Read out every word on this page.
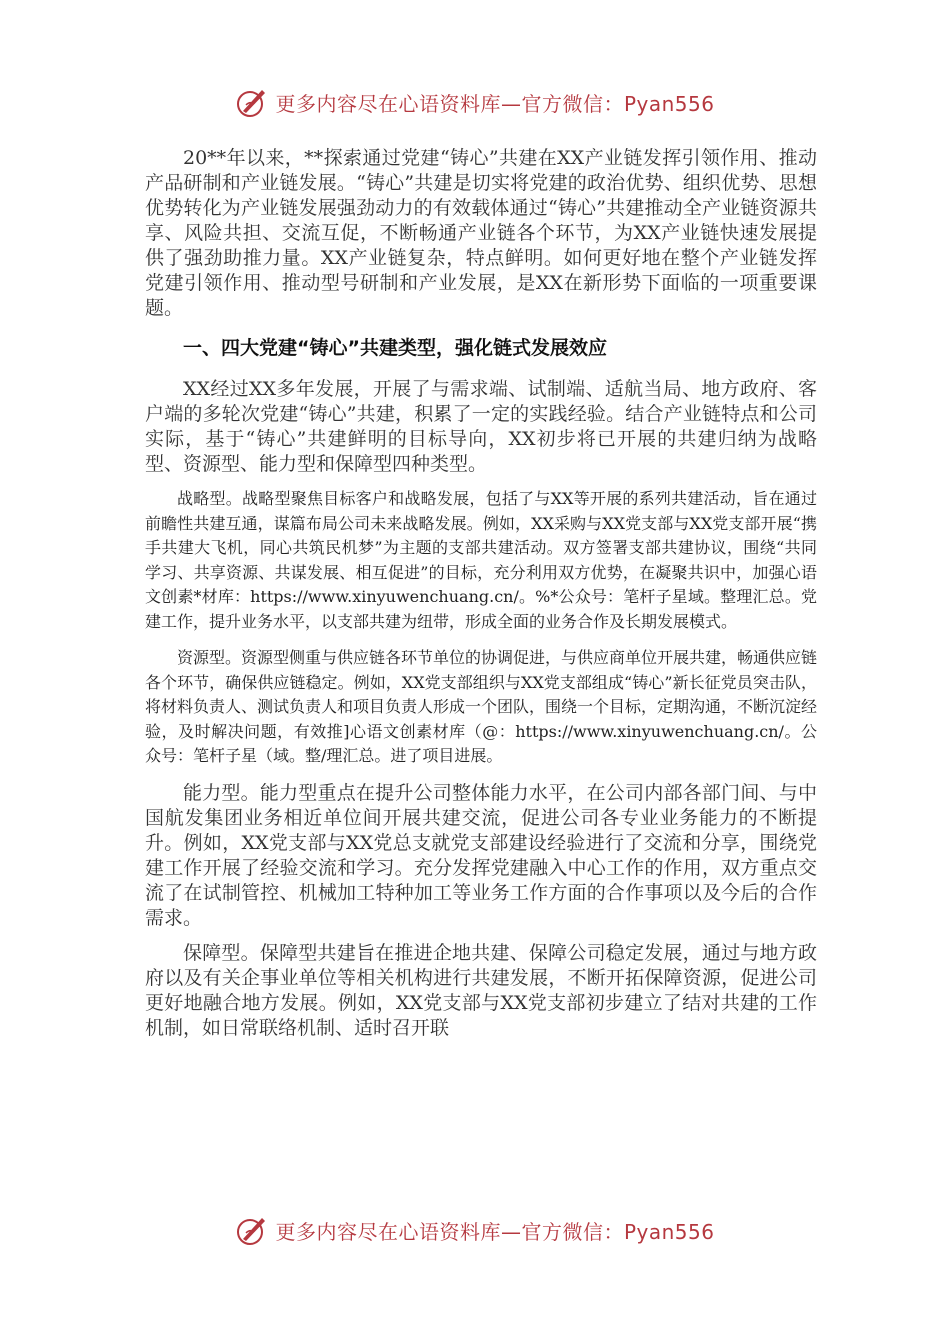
更多内容尽在心语资料库—官方微信：Pyan556

20**年以来，**探索通过党建“铸心”共建在XX产业链发挥引领作用、推动产品研制和产业链发展。“铸心”共建是切实将党建的政治优势、组织优势、思想优势转化为产业链发展强劲动力的有效载体通过“铸心”共建推动全产业链资源共享、风险共担、交流互促，不断畅通产业链各个环节，为XX产业链快速发展提供了强劲助推力量。XX产业链复杂，特点鲜明。如何更好地在整个产业链发挥党建引领作用、推动型号研制和产业发展，是XX在新形势下面临的一项重要课题。

一、四大党建“铸心”共建类型，强化链式发展效应

XX经过XX多年发展，开展了与需求端、试制端、适航当局、地方政府、客户端的多轮次党建“铸心”共建，积累了一定的实践经验。结合产业链特点和公司实际，基于“铸心”共建鲜明的目标导向，XX初步将已开展的共建归纳为战略型、资源型、能力型和保障型四种类型。

战略型。战略型聚焦目标客户和战略发展，包括了与XX等开展的系列共建活动，旨在通过前瞻性共建互通，谋篇布局公司未来战略发展。例如，XX采购与XX党支部与XX党支部开展“携手共建大飞机，同心共筑民机梦”为主题的支部共建活动。双方签署支部共建协议，围绕“共同学习、共享资源、共谋发展、相互促进”的目标，充分利用双方优势，在凝聚共识中，加强心语文创素*材库：https://www.xinyuwenchuang.cn/。%*公众号：笔杆子星域。整理汇总。党建工作，提升业务水平，以支部共建为纽带，形成全面的业务合作及长期发展模式。

资源型。资源型侧重与供应链各环节单位的协调促进，与供应商单位开展共建，畅通供应链各个环节，确保供应链稳定。例如，XX党支部组织与XX党支部组成“铸心”新长征党员突击队，将材料负责人、测试负责人和项目负责人形成一个团队，围绕一个目标，定期沟通，不断沉淀经验，及时解决问题，有效推]心语文创素材库（@：https://www.xinyuwenchuang.cn/。公众号：笔杆子星（域。整/理汇总。进了项目进展。

能力型。能力型重点在提升公司整体能力水平，在公司内部各部门间、与中国航发集团业务相近单位间开展共建交流，促进公司各专业业务能力的不断提升。例如，XX党支部与XX党总支就党支部建设经验进行了交流和分享，围绕党建工作开展了经验交流和学习。充分发挥党建融入中心工作的作用，双方重点交流了在试制管控、机械加工特种加工等业务工作方面的合作事项以及今后的合作需求。

保障型。保障型共建旨在推进企地共建、保障公司稳定发展，通过与地方政府以及有关企事业单位等相关机构进行共建发展，不断开拓保障资源，促进公司更好地融合地方发展。例如，XX党支部与XX党支部初步建立了结对共建的工作机制，如日常联络机制、适时召开联

更多内容尽在心语资料库—官方微信：Pyan556
